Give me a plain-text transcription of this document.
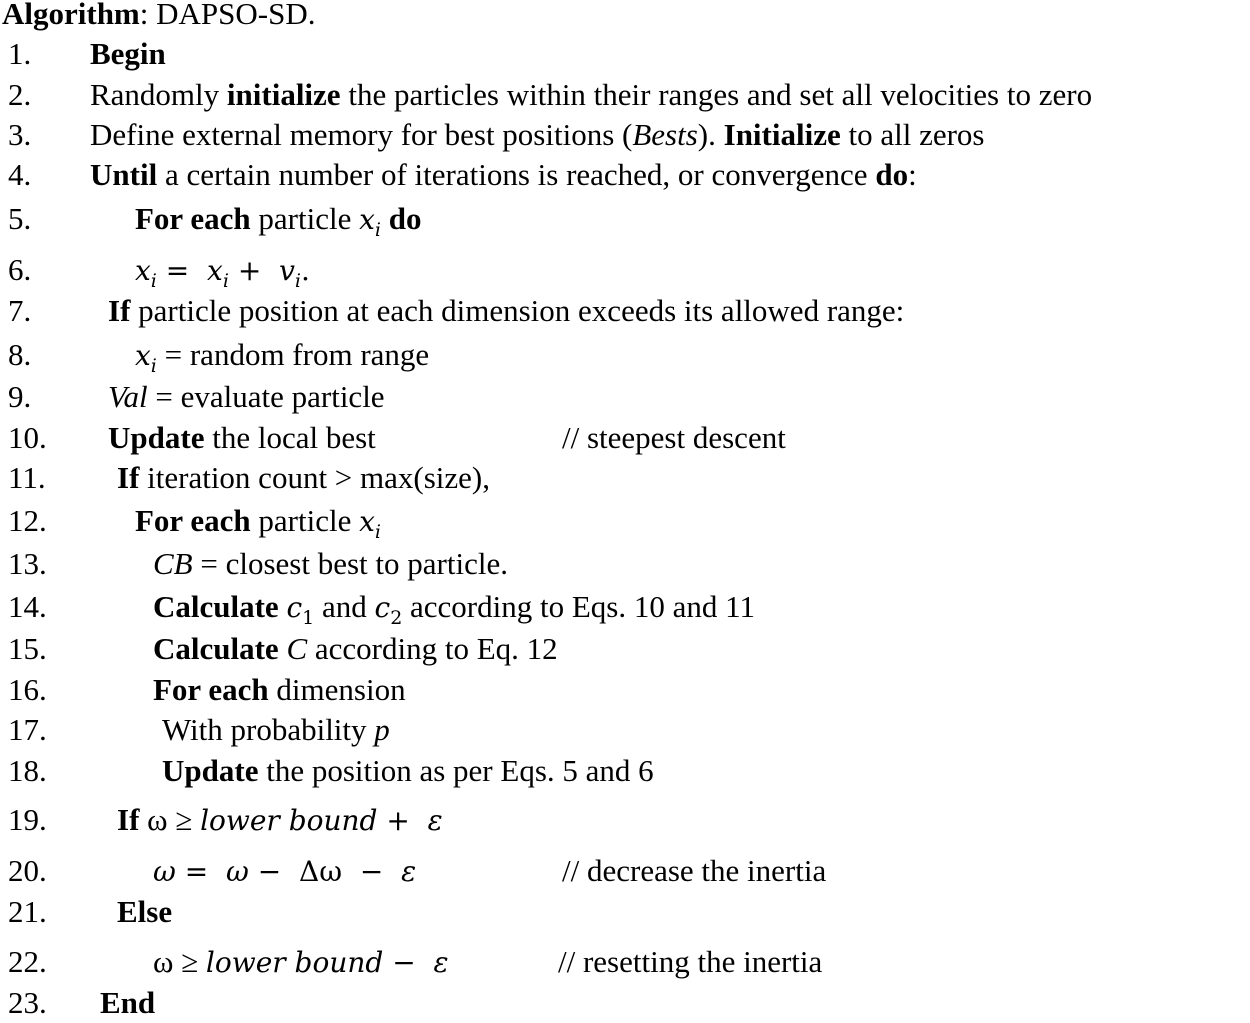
Algorithm: DAPSO-SD.
1.	Begin
2.	Randomly initialize the particles within their ranges and set all velocities to zero
3.	Define external memory for best positions (Bests). Initialize to all zeros
4.	Until a certain number of iterations is reached, or convergence do:
5.	For each particle $x_i$ do
6.	$x_i = x_i + v_i$.
7.	If particle position at each dimension exceeds its allowed range:
8.	$x_i$ = random from range
9.	Val = evaluate particle
10.	Update the local best	// steepest descent
11.	If iteration count > max(size),
12.	For each particle $x_i$
13.	CB = closest best to particle.
14.	Calculate $c_1$ and $c_2$ according to Eqs. 10 and 11
15.	Calculate C according to Eq. 12
16.	For each dimension
17.	With probability p
18.	Update the position as per Eqs. 5 and 6
19.	If ω ≥ lower bound +  ε
20.	ω =  ω −  Δω  −  ε	// decrease the inertia
21.	Else
22.	ω ≥ lower bound −  ε	// resetting the inertia
23.	End
